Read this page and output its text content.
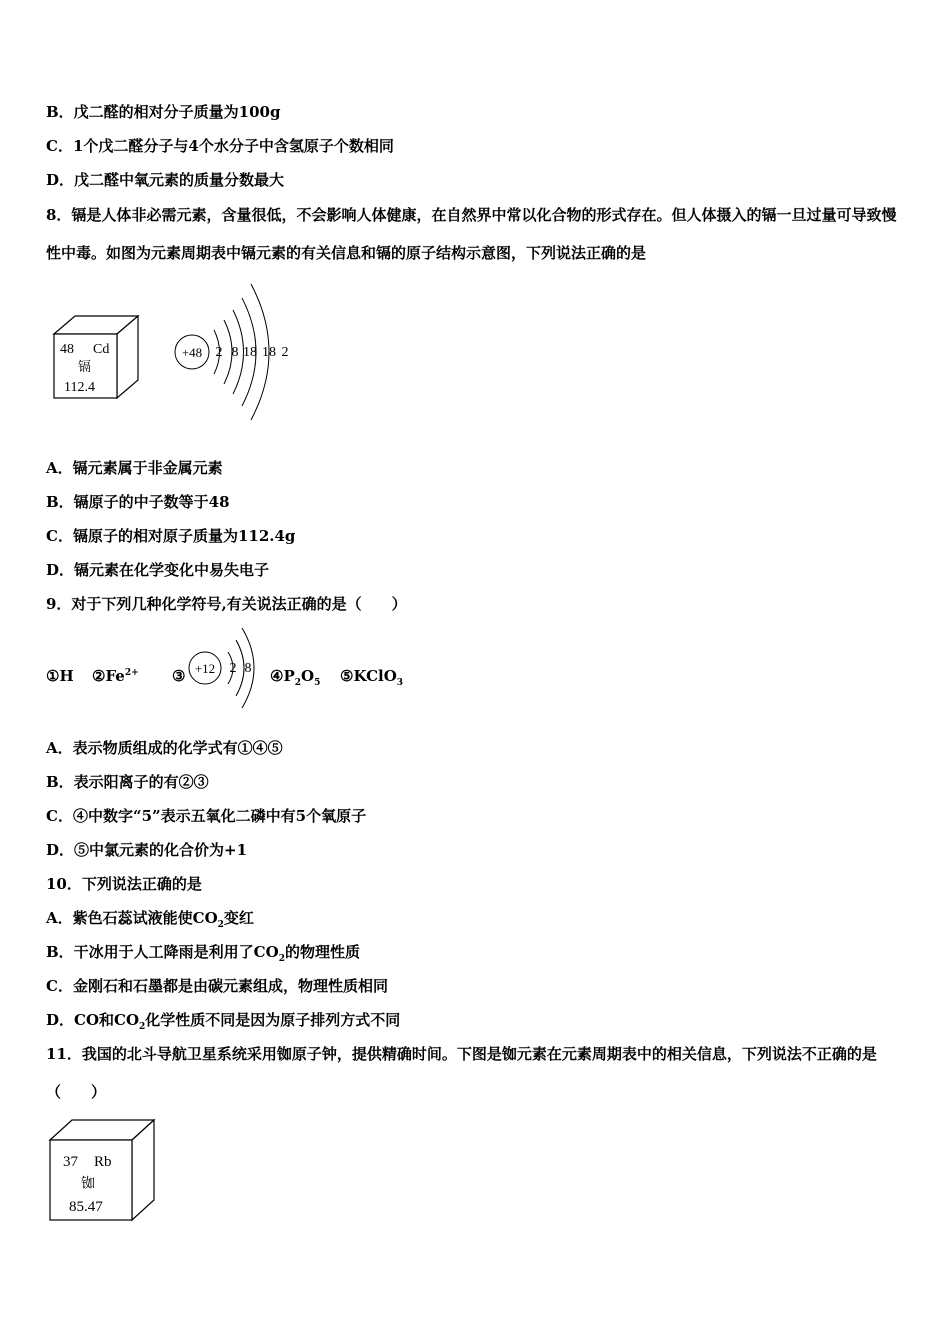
B．戊二醛的相对分子质量为100g
C．1个戊二醛分子与4个水分子中含氢原子个数相同
D．戊二醛中氧元素的质量分数最大
8．镉是人体非必需元素，含量很低，不会影响人体健康，在自然界中常以化合物的形式存在。但人体摄入的镉一旦过量可导致慢性中毒。如图为元素周期表中镉元素的有关信息和镉的原子结构示意图，下列说法正确的是
48 Cd
镉
112.4
+48 2 8 18 18 2
A．镉元素属于非金属元素
B．镉原子的中子数等于48
C．镉原子的相对原子质量为112.4g
D．镉元素在化学变化中易失电子
9．对于下列几种化学符号,有关说法正确的是（　　）
①H $②Fe^{2+}$ ③ +12 2 8 $④P_2O_5$ ⑤KClO$_3$
A．表示物质组成的化学式有①④⑤
B．表示阳离子的有②③
C．④中数字“5”表示五氧化二磷中有5个氧原子
D．⑤中氯元素的化合价为+1
10．下列说法正确的是
A．紫色石蕊试液能使$CO_2$变红
B．干冰用于人工降雨是利用了$CO_2$的物理性质
C．金刚石和石墨都是由碳元素组成，物理性质相同
D．CO和$CO_2$化学性质不同是因为原子排列方式不同
11．我国的北斗导航卫星系统采用铷原子钟，提供精确时间。下图是铷元素在元素周期表中的相关信息，下列说法不正确的是（　　）
37 Rb
铷
85.47
